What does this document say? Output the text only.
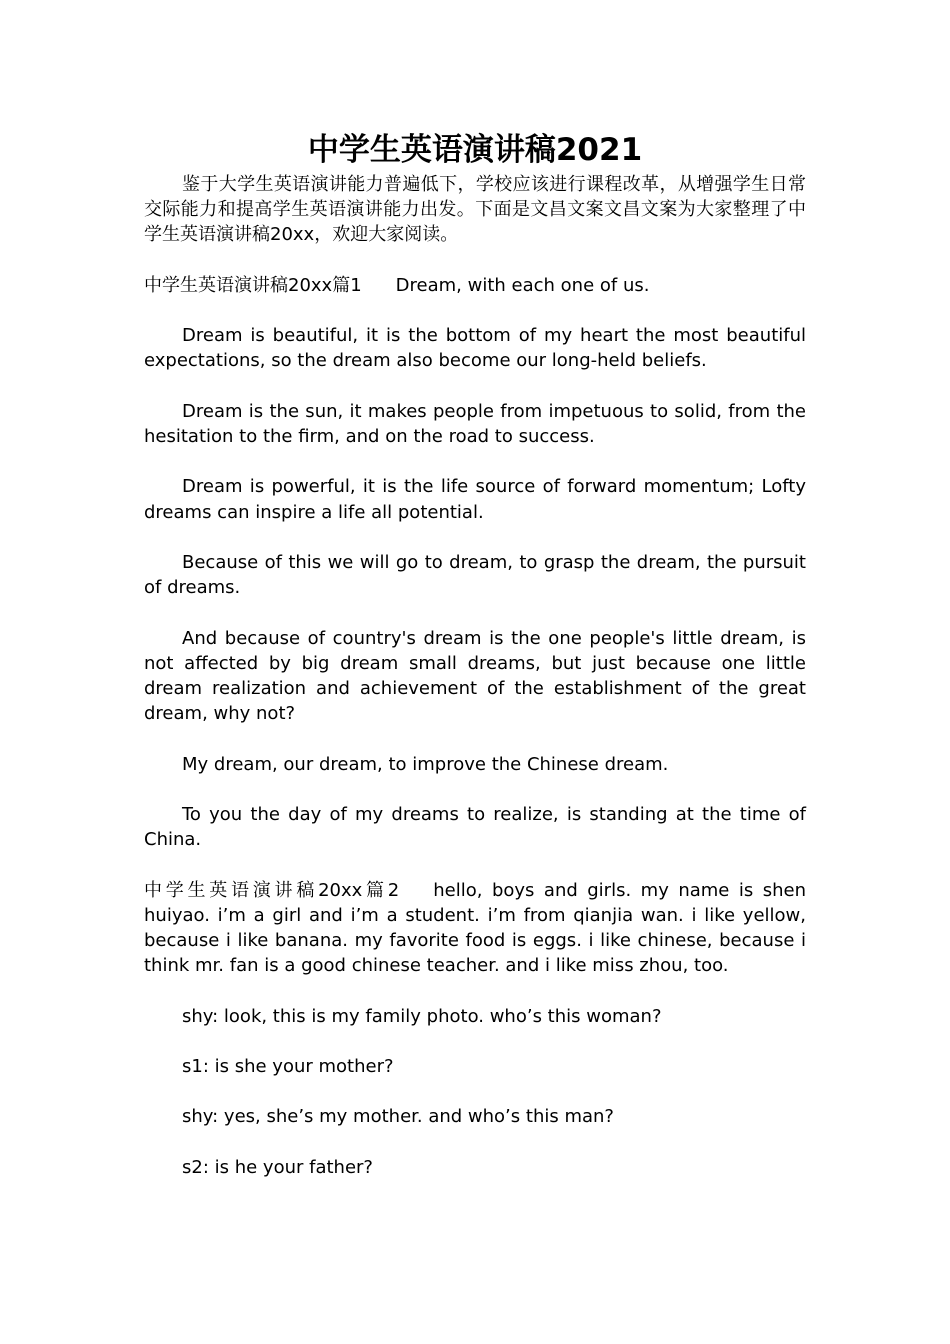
中学生英语演讲稿2021

鉴于大学生英语演讲能力普遍低下，学校应该进行课程改革，从增强学生日常交际能力和提高学生英语演讲能力出发。下面是文昌文案文昌文案为大家整理了中学生英语演讲稿20xx，欢迎大家阅读。

中学生英语演讲稿20xx篇1 Dream, with each one of us.

Dream is beautiful, it is the bottom of my heart the most beautiful expectations, so the dream also become our long-held beliefs.

Dream is the sun, it makes people from impetuous to solid, from the hesitation to the firm, and on the road to success.

Dream is powerful, it is the life source of forward momentum; Lofty dreams can inspire a life all potential.

Because of this we will go to dream, to grasp the dream, the pursuit of dreams.

And because of country's dream is the one people's little dream, is not affected by big dream small dreams, but just because one little dream realization and achievement of the establishment of the great dream, why not?

My dream, our dream, to improve the Chinese dream.

To you the day of my dreams to realize, is standing at the time of China.

中学生英语演讲稿20xx篇2 hello, boys and girls. my name is shen huiyao. i’m a girl and i’m a student. i’m from qianjia wan. i like yellow, because i like banana. my favorite food is eggs. i like chinese, because i think mr. fan is a good chinese teacher. and i like miss zhou, too.

shy: look, this is my family photo. who’s this woman?

s1: is she your mother?

shy: yes, she’s my mother. and who’s this man?

s2: is he your father?
